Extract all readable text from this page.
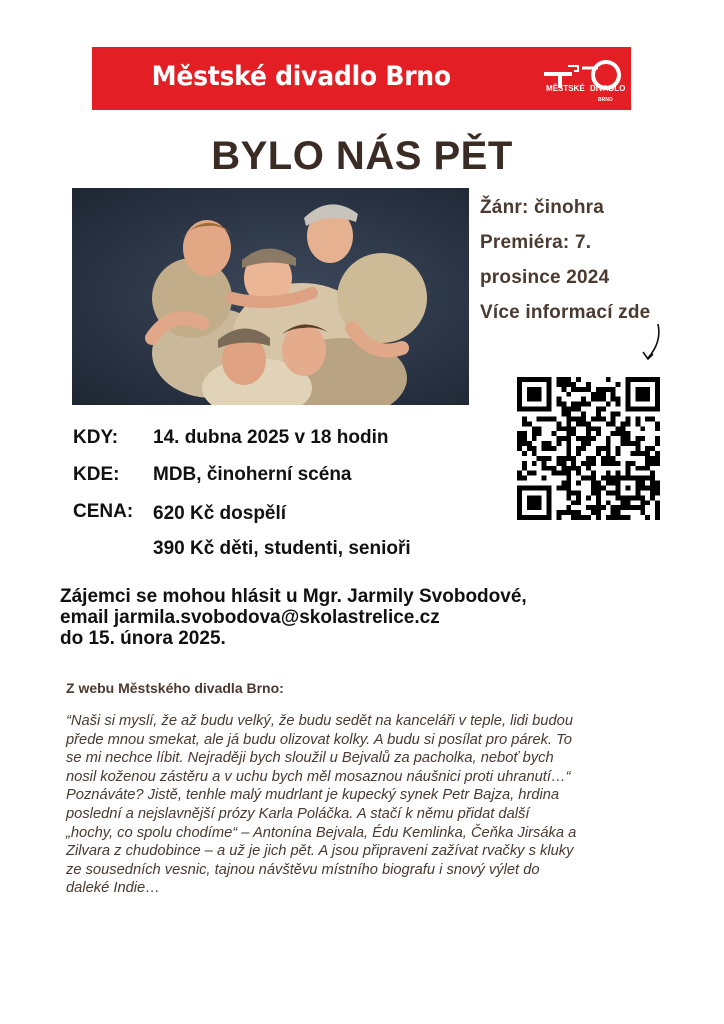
Městské divadlo Brno	MĚSTSKÉ DIVADLO
BRNO
BYLO NÁS PĚT
Žánr: činohra
Premiéra: 7.
prosince 2024
Více informací zde
KDY: 14. dubna 2025 v 18 hodin
KDE: MDB, činoherní scéna
CENA: 620 Kč dospělí
390 Kč děti, studenti, senioři
Zájemci se mohou hlásit u Mgr. Jarmily Svobodové,
email jarmila.svobodova@skolastrelice.cz
do 15. února 2025.
Z webu Městského divadla Brno:
“Naši si myslí, že až budu velký, že budu sedět na kanceláři v teple, lidi budou
přede mnou smekat, ale já budu olizovat kolky. A budu si posílat pro párek. To
se mi nechce líbit. Nejraději bych sloužil u Bejvalů za pacholka, neboť bych
nosil koženou zástěru a v uchu bych měl mosaznou náušnici proti uhranutí…“
Poznáváte? Jistě, tenhle malý mudrlant je kupecký synek Petr Bajza, hrdina
poslední a nejslavnější prózy Karla Poláčka. A stačí k němu přidat další
„hochy, co spolu chodíme“ – Antonína Bejvala, Édu Kemlinka, Čeňka Jirsáka a
Zilvara z chudobince – a už je jich pět. A jsou připraveni zažívat rvačky s kluky
ze sousedních vesnic, tajnou návštěvu místního biografu i snový výlet do
daleké Indie…
